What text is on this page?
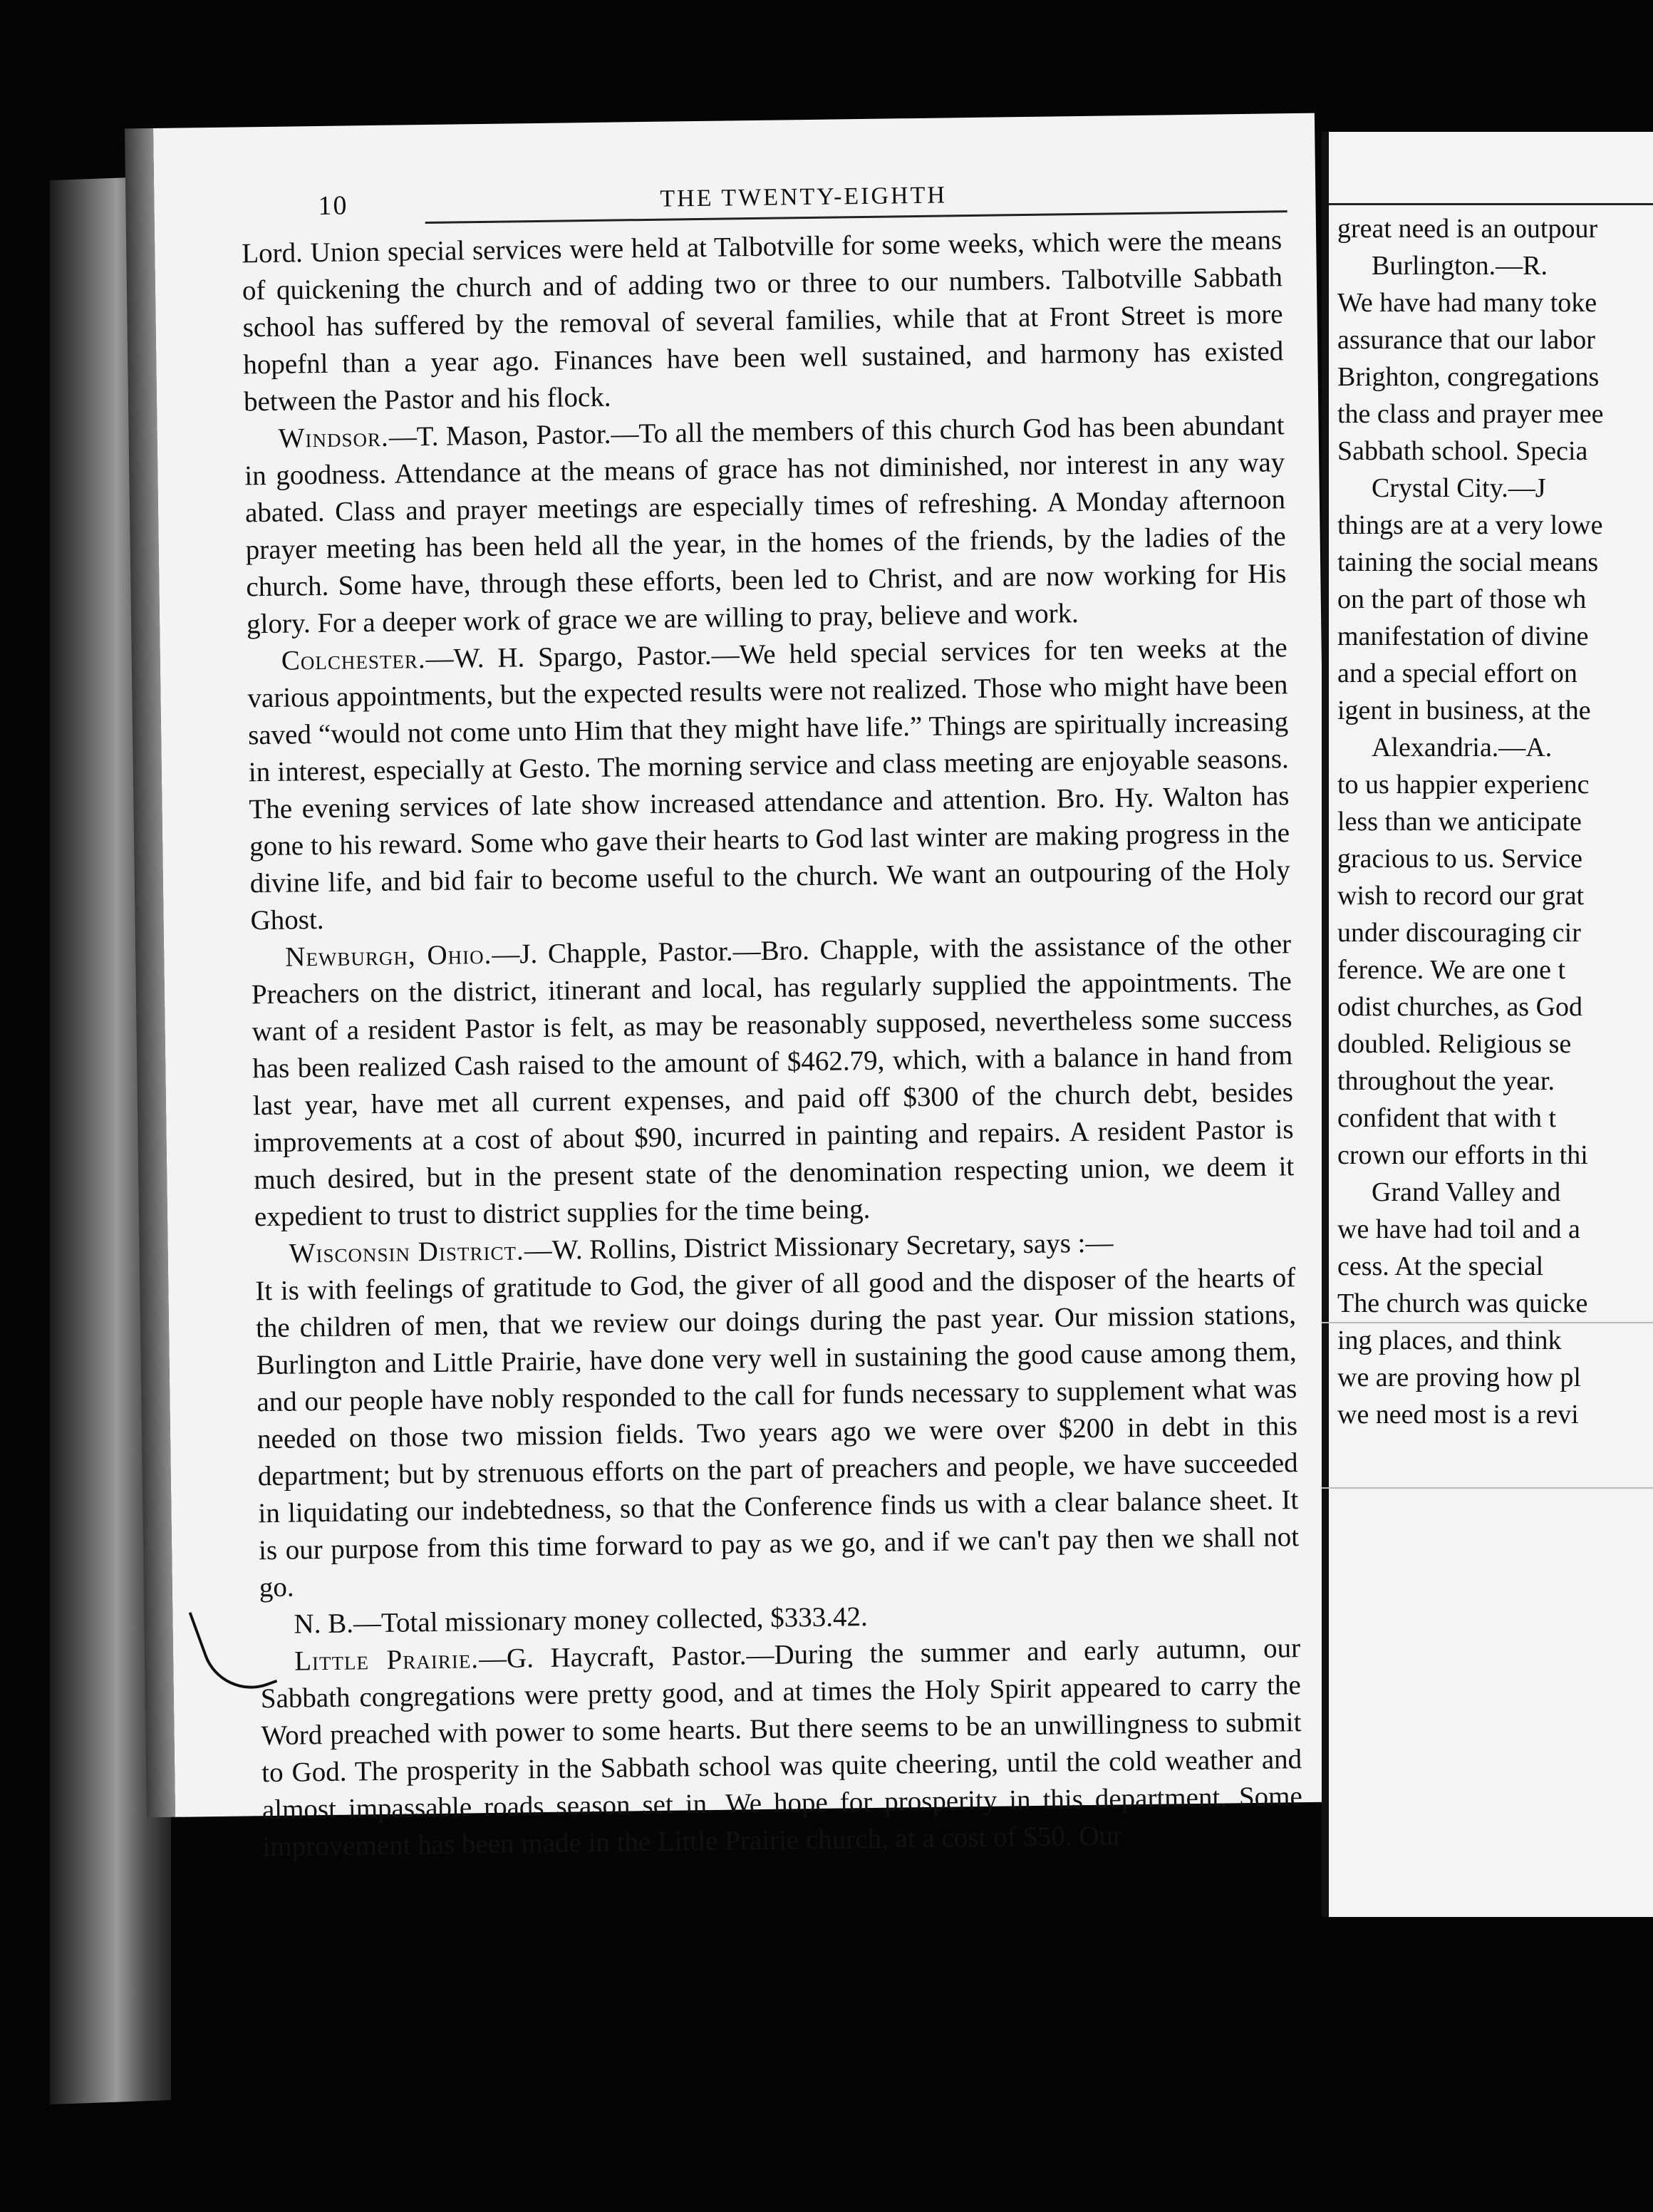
10	THE TWENTY-EIGHTH

Lord. Union special services were held at Talbotville for some weeks, which were the means of quickening the church and of adding two or three to our numbers. Talbotville Sabbath school has suffered by the removal of several families, while that at Front Street is more hopefnl than a year ago. Finances have been well sustained, and harmony has existed between the Pastor and his flock.

Windsor.—T. Mason, Pastor.—To all the members of this church God has been abundant in goodness. Attendance at the means of grace has not diminished, nor interest in any way abated. Class and prayer meetings are especially times of refreshing. A Monday afternoon prayer meeting has been held all the year, in the homes of the friends, by the ladies of the church. Some have, through these efforts, been led to Christ, and are now working for His glory. For a deeper work of grace we are willing to pray, believe and work.

Colchester.—W. H. Spargo, Pastor.—We held special services for ten weeks at the various appointments, but the expected results were not realized. Those who might have been saved “would not come unto Him that they might have life.” Things are spiritually increasing in interest, especially at Gesto. The morning service and class meeting are enjoyable seasons. The evening services of late show increased attendance and attention. Bro. Hy. Walton has gone to his reward. Some who gave their hearts to God last winter are making progress in the divine life, and bid fair to become useful to the church. We want an outpouring of the Holy Ghost.

Newburgh, Ohio.—J. Chapple, Pastor.—Bro. Chapple, with the assistance of the other Preachers on the district, itinerant and local, has regularly supplied the appointments. The want of a resident Pastor is felt, as may be reasonably supposed, nevertheless some success has been realized Cash raised to the amount of $462.79, which, with a balance in hand from last year, have met all current expenses, and paid off $300 of the church debt, besides improvements at a cost of about $90, incurred in painting and repairs. A resident Pastor is much desired, but in the present state of the denomination respecting union, we deem it expedient to trust to district supplies for the time being.

Wisconsin District.—W. Rollins, District Missionary Secretary, says :—

It is with feelings of gratitude to God, the giver of all good and the disposer of the hearts of the children of men, that we review our doings during the past year. Our mission stations, Burlington and Little Prairie, have done very well in sustaining the good cause among them, and our people have nobly responded to the call for funds necessary to supplement what was needed on those two mission fields. Two years ago we were over $200 in debt in this department; but by strenuous efforts on the part of preachers and people, we have succeeded in liquidating our indebtedness, so that the Conference finds us with a clear balance sheet. It is our purpose from this time forward to pay as we go, and if we can't pay then we shall not go.

N. B.—Total missionary money collected, $333.42.

Little Prairie.—G. Haycraft, Pastor.—During the summer and early autumn, our Sabbath congregations were pretty good, and at times the Holy Spirit appeared to carry the Word preached with power to some hearts. But there seems to be an unwillingness to submit to God. The prosperity in the Sabbath school was quite cheering, until the cold weather and almost impassable roads season set in. We hope for prosperity in this department. Some improvement has been made in the Little Prairie church, at a cost of $50. Our

great need is an outpour
Burlington.—R.
We have had many toke
assurance that our labor
Brighton, congregations
the class and prayer mee
Sabbath school. Specia
Crystal City.—J
things are at a very lowe
taining the social means
on the part of those wh
manifestation of divine
and a special effort on
igent in business, at the
Alexandria.—A.
to us happier experienc
less than we anticipate
gracious to us. Service
wish to record our grat
under discouraging cir
ference. We are one t
odist churches, as God
doubled. Religious se
throughout the year.
confident that with t
crown our efforts in thi
Grand Valley and
we have had toil and a
cess. At the special
The church was quicke
ing places, and think
we are proving how pl
we need most is a revi
